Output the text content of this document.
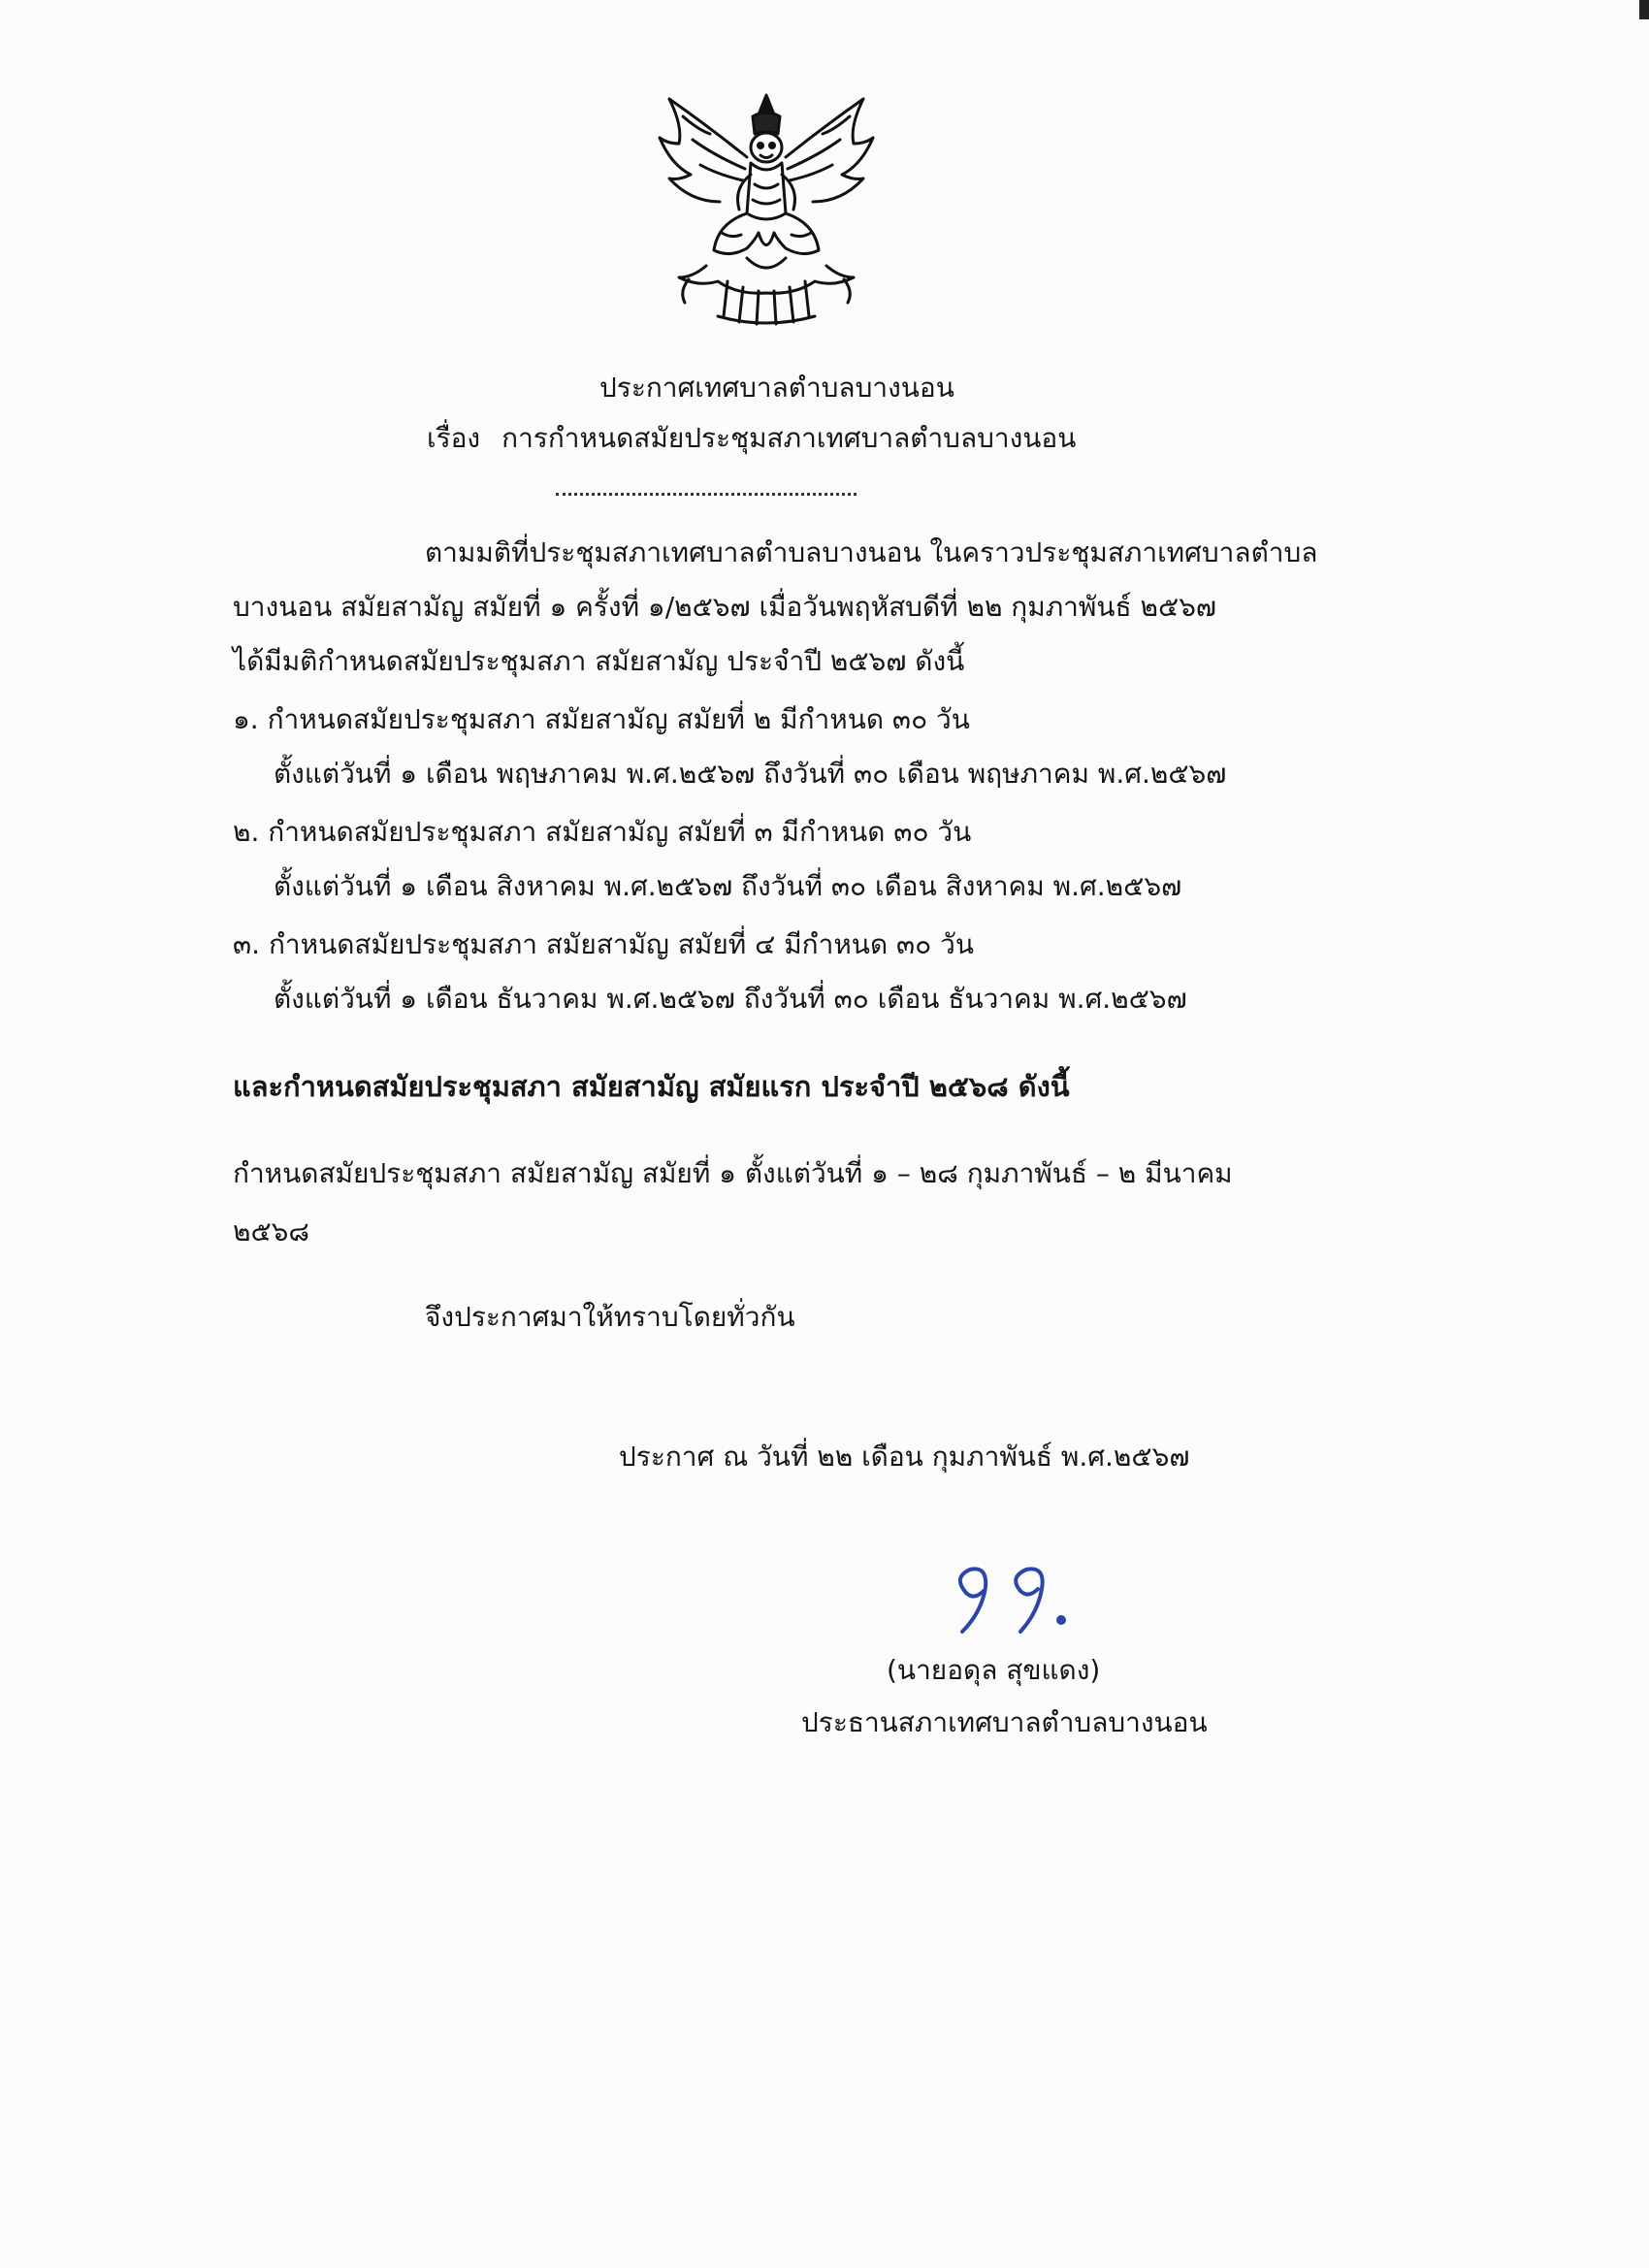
ประกาศเทศบาลตำบลบางนอน
เรื่อง การกำหนดสมัยประชุมสภาเทศบาลตำบลบางนอน
ตามมติที่ประชุมสภาเทศบาลตำบลบางนอน ในคราวประชุมสภาเทศบาลตำบล
บางนอน สมัยสามัญ สมัยที่ ๑ ครั้งที่ ๑/๒๕๖๗ เมื่อวันพฤหัสบดีที่ ๒๒ กุมภาพันธ์ ๒๕๖๗
ได้มีมติกำหนดสมัยประชุมสภา สมัยสามัญ ประจำปี ๒๕๖๗ ดังนี้
๑. กำหนดสมัยประชุมสภา สมัยสามัญ สมัยที่ ๒ มีกำหนด ๓๐ วัน
ตั้งแต่วันที่ ๑ เดือน พฤษภาคม พ.ศ.๒๕๖๗ ถึงวันที่ ๓๐ เดือน พฤษภาคม พ.ศ.๒๕๖๗
๒. กำหนดสมัยประชุมสภา สมัยสามัญ สมัยที่ ๓ มีกำหนด ๓๐ วัน
ตั้งแต่วันที่ ๑ เดือน สิงหาคม พ.ศ.๒๕๖๗ ถึงวันที่ ๓๐ เดือน สิงหาคม พ.ศ.๒๕๖๗
๓. กำหนดสมัยประชุมสภา สมัยสามัญ สมัยที่ ๔ มีกำหนด ๓๐ วัน
ตั้งแต่วันที่ ๑ เดือน ธันวาคม พ.ศ.๒๕๖๗ ถึงวันที่ ๓๐ เดือน ธันวาคม พ.ศ.๒๕๖๗
และกำหนดสมัยประชุมสภา สมัยสามัญ สมัยแรก ประจำปี ๒๕๖๘ ดังนี้
กำหนดสมัยประชุมสภา สมัยสามัญ สมัยที่ ๑ ตั้งแต่วันที่ ๑ – ๒๘ กุมภาพันธ์ – ๒ มีนาคม
๒๕๖๘
จึงประกาศมาให้ทราบโดยทั่วกัน
ประกาศ ณ วันที่ ๒๒ เดือน กุมภาพันธ์ พ.ศ.๒๕๖๗
(นายอดุล สุขแดง)
ประธานสภาเทศบาลตำบลบางนอน
